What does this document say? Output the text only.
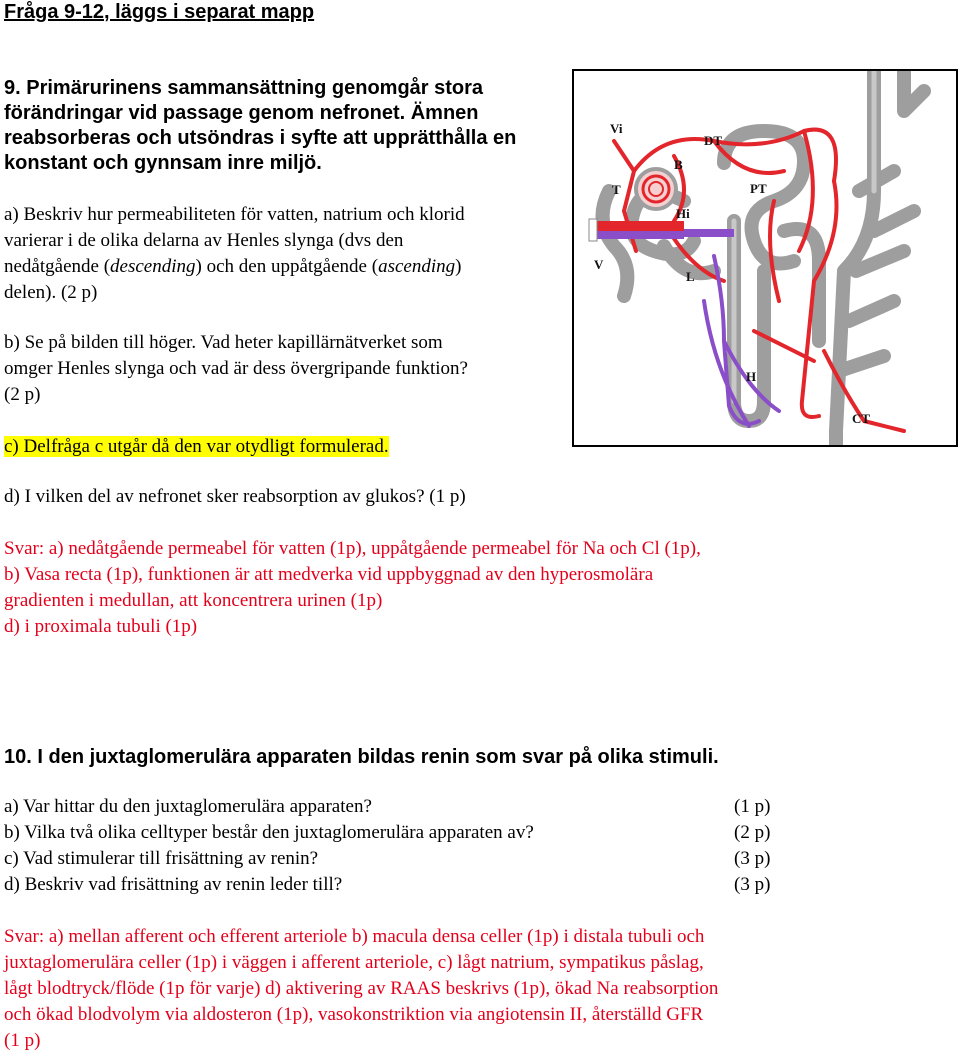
Fråga 9-12, läggs i separat mapp
9. Primärurinens sammansättning genomgår stora
förändringar vid passage genom nefronet. Ämnen
reabsorberas och utsöndras i syfte att upprätthålla en
konstant och gynnsam inre miljö.
a) Beskriv hur permeabiliteten för vatten, natrium och klorid
varierar i de olika delarna av Henles slynga (dvs den
nedåtgående (descending) och den uppåtgående (ascending)
delen). (2 p)
b) Se på bilden till höger. Vad heter kapillärnätverket som
omger Henles slynga och vad är dess övergripande funktion?
(2 p)
c) Delfråga c utgår då den var otydligt formulerad.
d) I vilken del av nefronet sker reabsorption av glukos? (1 p)
Svar: a) nedåtgående permeabel för vatten (1p), uppåtgående permeabel för Na och Cl (1p),
b) Vasa recta (1p), funktionen är att medverka vid uppbyggnad av den hyperosmolära
gradienten i medullan, att koncentrera urinen (1p)
d) i proximala tubuli (1p)
Vi
DT
B
T	PT
Hi
V
L
H
CT
10. I den juxtaglomerulära apparaten bildas renin som svar på olika stimuli.
a) Var hittar du den juxtaglomerulära apparaten?	(1 p)
b) Vilka två olika celltyper består den juxtaglomerulära apparaten av?	(2 p)
c) Vad stimulerar till frisättning av renin?	(3 p)
d) Beskriv vad frisättning av renin leder till?	(3 p)
Svar: a) mellan afferent och efferent arteriole b) macula densa celler (1p) i distala tubuli och
juxtaglomerulära celler (1p) i väggen i afferent arteriole, c) lågt natrium, sympatikus påslag,
lågt blodtryck/flöde (1p för varje) d) aktivering av RAAS beskrivs (1p), ökad Na reabsorption
och ökad blodvolym via aldosteron (1p), vasokonstriktion via angiotensin II, återställd GFR
(1 p)
